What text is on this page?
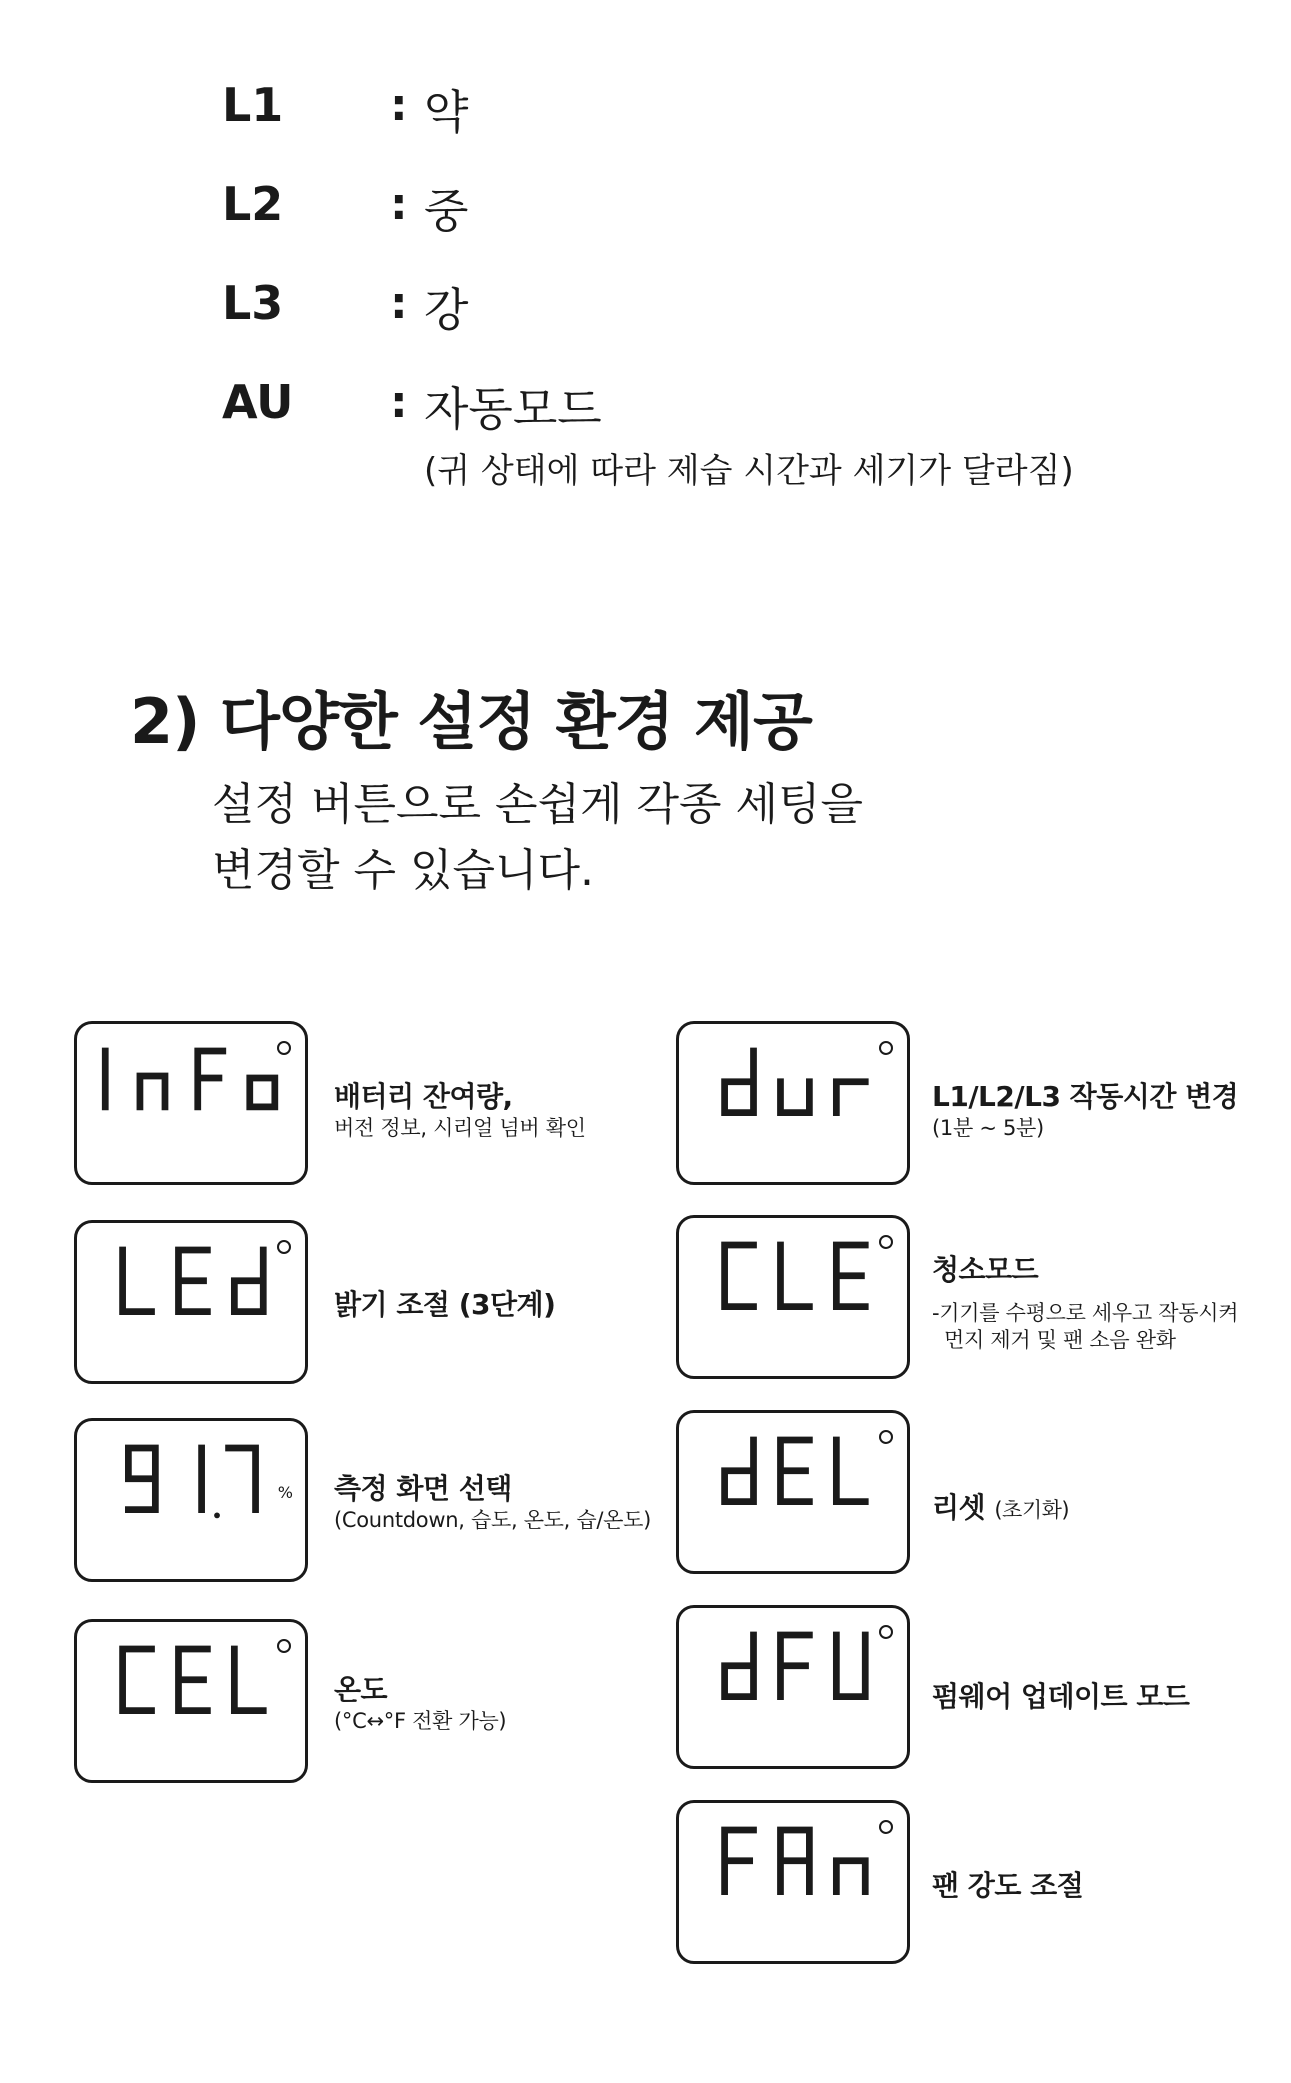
L1 : 약
L2 : 중
L3 : 강
AU : 자동모드
(귀 상태에 따라 제습 시간과 세기가 달라짐)
2) 다양한 설정 환경 제공
설정 버튼으로 손쉽게 각종 세팅을
변경할 수 있습니다.
배터리 잔여량,
버전 정보, 시리얼 넘버 확인
밝기 조절 (3단계)
% 측정 화면 선택
(Countdown, 습도, 온도, 습/온도)
온도
(°C↔°F 전환 가능)
L1/L2/L3 작동시간 변경
(1분 ~ 5분)
청소모드
-기기를 수평으로 세우고 작동시켜
먼지 제거 및 팬 소음 완화
리셋 (초기화)
펌웨어 업데이트 모드
팬 강도 조절
